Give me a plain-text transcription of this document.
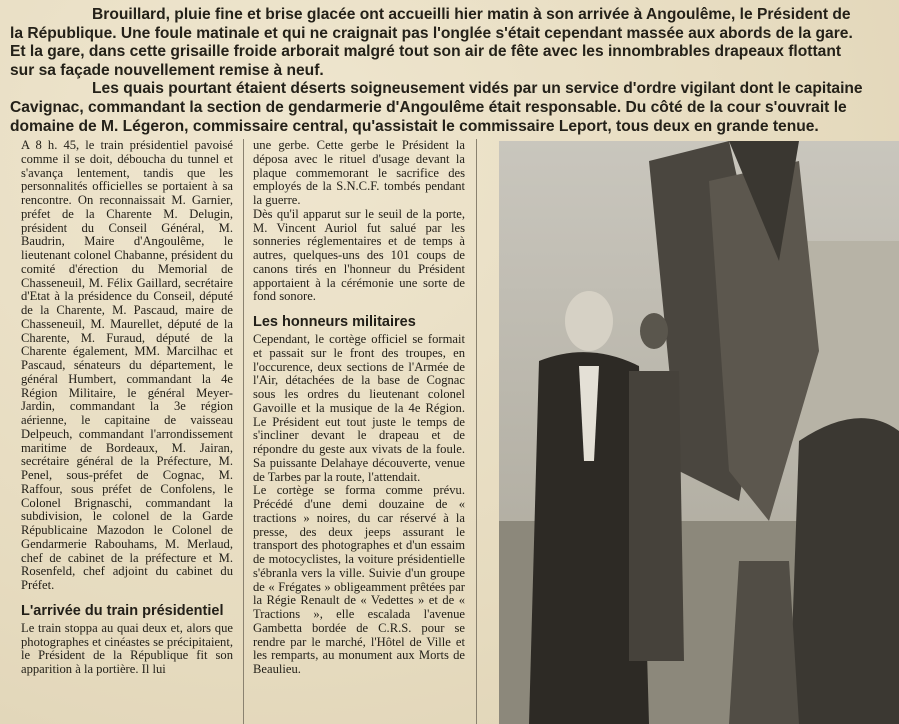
Brouillard, pluie fine et brise glacée ont accueilli hier matin à son arrivée à Angoulême, le Président de

la République. Une foule matinale et qui ne craignait pas l'onglée s'était cependant massée aux abords de la gare.

Et la gare, dans cette grisaille froide arborait malgré tout son air de fête avec les innombrables drapeaux flottant

sur sa façade nouvellement remise à neuf.

Les quais pourtant étaient déserts soigneusement vidés par un service d'ordre vigilant dont le capitaine

Cavignac, commandant la section de gendarmerie d'Angoulême était responsable. Du côté de la cour s'ouvrait le

domaine de M. Légeron, commissaire central, qu'assistait le commissaire Leport, tous deux en grande tenue.

A 8 h. 45, le train présidentiel pavoisé comme il se doit, débouchа du tunnel et s'avança lentement, tandis que les personnalités officielles se portaient à sa rencontre. On reconnaissait M. Garnier, préfet de la Charente M. Delugin, président du Conseil Général, M. Baudrin, Maire d'Angoulême, le lieutenant colonel Chabanne, président du comité d'érection du Memorial de Chasseneuil, M. Félix Gaillard, secrétaire d'Etat à la présidence du Conseil, député de la Charente, M. Pascaud, maire de Chasseneuil, M. Maurellet, député de la Charente, M. Furaud, député de la Charente également, MM. Marcilhac et Pascaud, sénateurs du département, le général Humbert, commandant la 4e Région Militaire, le général Meyer-Jardin, commandant la 3e région aérienne, le capitaine de vaisseau Delpeuch, commandant l'arrondissement maritime de Bordeaux, M. Jairan, secrétaire général de la Préfecture, M. Penel, sous-préfet de Cognac, M. Raffour, sous préfet de Confolens, le Colonel Brignaschi, commandant la subdivision, le colonel de la Garde Républicaine Mazodon le Colonel de Gendarmerie Rabouhams, M. Merlaud, chef de cabinet de la préfecture et M. Rosenfeld, chef adjoint du cabinet du Préfet.

L'arrivée du train présidentiel

Le train stoppa au quai deux et, alors que photographes et cinéastes se précipitaient, le Président de la République fit son apparition à la portière. Il lui

une gerbe. Cette gerbe le Président la déposa avec le rituel d'usage devant la plaque commemorant le sacrifice des employés de la S.N.C.F. tombés pendant la guerre.

Dès qu'il apparut sur le seuil de la porte, M. Vincent Auriol fut salué par les sonneries réglementaires et de temps à autres, quelques-uns des 101 coups de canons tirés en l'honneur du Président apportaient à la cérémonie une sorte de fond sonore.

Les honneurs militaires

Cependant, le cortège officiel se formait et passait sur le front des troupes, en l'occurence, deux sections de l'Armée de l'Air, détachées de la base de Cognac sous les ordres du lieutenant colonel Gavoille et la musique de la 4e Région. Le Président eut tout juste le temps de s'incliner devant le drapeau et de répondre du geste aux vivats de la foule. Sa puissante Delahaye découverte, venue de Tarbes par la route, l'attendait.

Le cortège se forma comme prévu. Précédé d'une demi douzaine de « tractions » noires, du car réservé à la presse, des deux jeeps assurant le transport des photographes et d'un essaim de motocyclistes, la voiture présidentielle s'ébranla vers la ville. Suivie d'un groupe de « Frégates » obligeamment prêtées par la Régie Renault de « Vedettes » et de « Tractions », elle escalada l'avenue Gambetta bordée de C.R.S. pour se rendre par le marché, l'Hôtel de Ville et les remparts, au monument aux Morts de Beaulieu.
